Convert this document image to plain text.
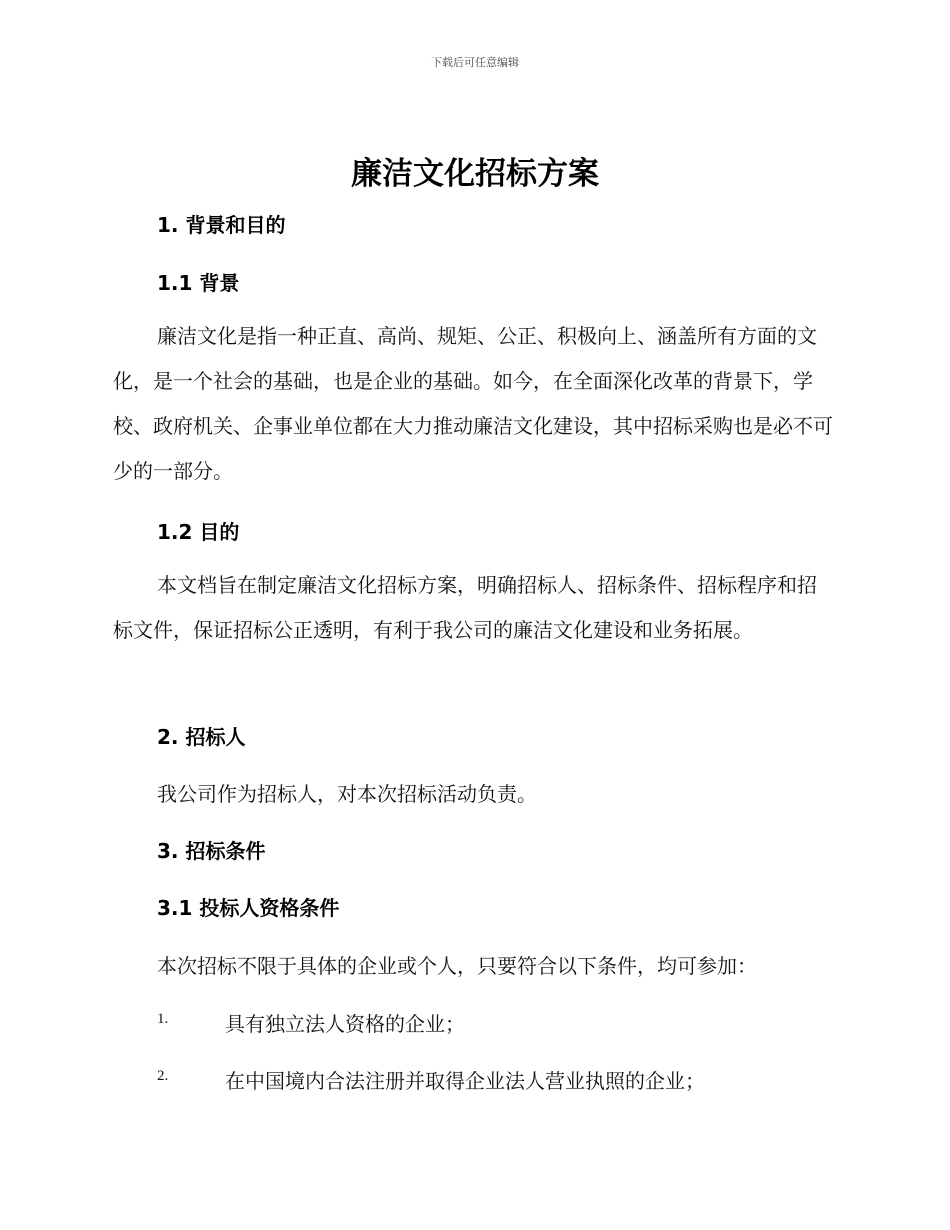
下载后可任意编辑
廉洁文化招标方案
1. 背景和目的
1.1 背景

廉洁文化是指一种正直、高尚、规矩、公正、积极向上、涵盖所有方面的文化，是一个社会的基础，也是企业的基础。如今，在全面深化改革的背景下，学校、政府机关、企事业单位都在大力推动廉洁文化建设，其中招标采购也是必不可少的一部分。

1.2 目的

本文档旨在制定廉洁文化招标方案，明确招标人、招标条件、招标程序和招标文件，保证招标公正透明，有利于我公司的廉洁文化建设和业务拓展。

2. 招标人

我公司作为招标人，对本次招标活动负责。

3. 招标条件
3.1 投标人资格条件

本次招标不限于具体的企业或个人，只要符合以下条件，均可参加：

1.	具有独立法人资格的企业；
2.	在中国境内合法注册并取得企业法人营业执照的企业；
